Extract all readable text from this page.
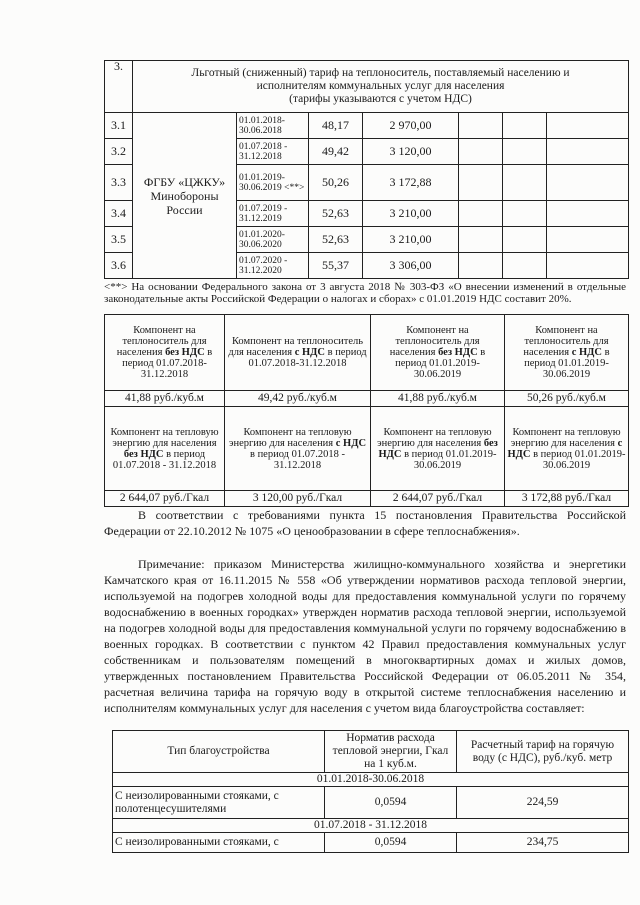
3.	Льготный (сниженный) тариф на теплоноситель, поставляемый населению и
исполнителям коммунальных услуг для населения
(тарифы указываются с учетом НДС)						

3.1	ФГБУ «ЦЖКУ» Минобороны России	01.01.2018-30.06.2018	48,17	2 970,00			
3.2		01.07.2018 - 31.12.2018	49,42	3 120,00			
3.3		01.01.2019-30.06.2019 <**>	50,26	3 172,88			
3.4		01.07.2019 - 31.12.2019	52,63	3 210,00			
3.5		01.01.2020-30.06.2020	52,63	3 210,00			
3.6		01.07.2020 - 31.12.2020	55,37	3 306,00			

<**> На основании Федерального закона от 3 августа 2018 № 303-ФЗ «О внесении изменений в отдельные законодательные акты Российской Федерации о налогах и сборах» с 01.01.2019 НДС составит 20%.

Компонент на теплоноситель для населения без НДС в период 01.07.2018-31.12.2018	Компонент на теплоноситель для населения с НДС в период 01.07.2018-31.12.2018	Компонент на теплоноситель для населения без НДС в период 01.01.2019-30.06.2019	Компонент на теплоноситель для населения с НДС в период 01.01.2019-30.06.2019
41,88 руб./куб.м	49,42 руб./куб.м	41,88 руб./куб.м	50,26 руб./куб.м
Компонент на тепловую энергию для населения без НДС в период 01.07.2018 - 31.12.2018	Компонент на тепловую энергию для населения с НДС в период 01.07.2018 - 31.12.2018	Компонент на тепловую энергию для населения без НДС в период 01.01.2019-30.06.2019	Компонент на тепловую энергию для населения с НДС в период 01.01.2019-30.06.2019
2 644,07 руб./Гкал	3 120,00 руб./Гкал	2 644,07 руб./Гкал	3 172,88 руб./Гкал

В соответствии с требованиями пункта 15 постановления Правительства Российской Федерации от 22.10.2012 № 1075 «О ценообразовании в сфере теплоснабжения».

Примечание: приказом Министерства жилищно-коммунального хозяйства и энергетики Камчатского края от 16.11.2015 № 558 «Об утверждении нормативов расхода тепловой энергии, используемой на подогрев холодной воды для предоставления коммунальной услуги по горячему водоснабжению в военных городках» утвержден норматив расхода тепловой энергии, используемой на подогрев холодной воды для предоставления коммунальной услуги по горячему водоснабжению в военных городках. В соответствии с пунктом 42 Правил предоставления коммунальных услуг собственникам и пользователям помещений в многоквартирных домах и жилых домов, утвержденных постановлением Правительства Российской Федерации от 06.05.2011 № 354, расчетная величина тарифа на горячую воду в открытой системе теплоснабжения населению и исполнителям коммунальных услуг для населения с учетом вида благоустройства составляет:

Тип благоустройства	Норматив расхода тепловой энергии, Гкал на 1 куб.м.	Расчетный тариф на горячую воду (с НДС), руб./куб. метр
01.01.2018-30.06.2018		
С неизолированными стояками, с полотенцесушителями	0,0594	224,59
01.07.2018 - 31.12.2018		
С неизолированными стояками, с	0,0594	234,75
